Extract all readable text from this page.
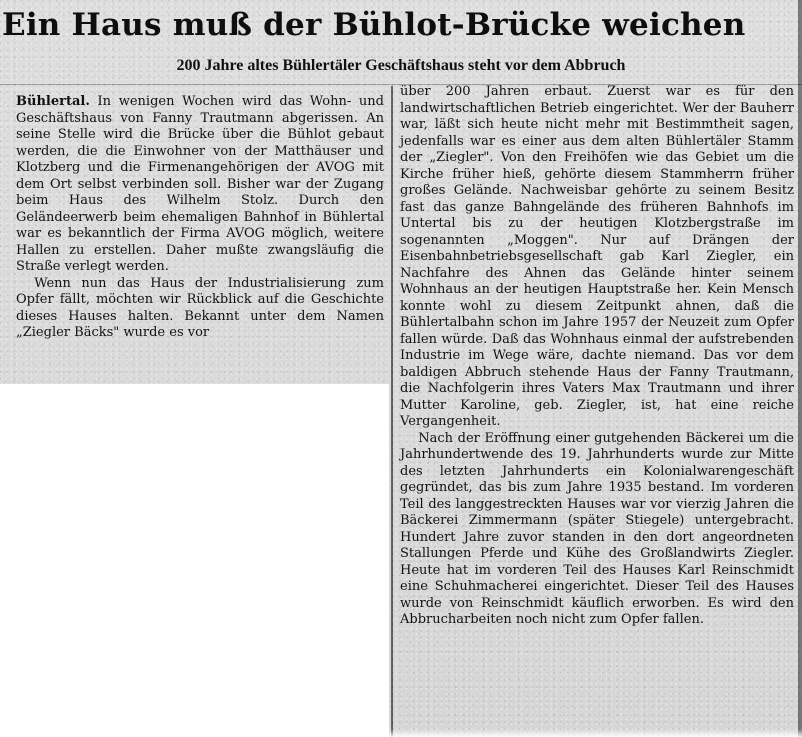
Ein Haus muß der Bühlot-Brücke weichen
200 Jahre altes Bühlertäler Geschäftshaus steht vor dem Abbruch

Bühlertal. In wenigen Wochen wird das Wohn- und Geschäftshaus von Fanny Trautmann abgerissen. An seine Stelle wird die Brücke über die Bühlot gebaut werden, die die Einwohner von der Matthäuser und Klotzberg und die Firmenangehörigen der AVOG mit dem Ort selbst verbinden soll. Bisher war der Zugang beim Haus des Wilhelm Stolz. Durch den Geländeerwerb beim ehemaligen Bahnhof in Bühlertal war es bekanntlich der Firma AVOG möglich, weitere Hallen zu erstellen. Daher mußte zwangsläufig die Straße verlegt werden.

Wenn nun das Haus der Industrialisierung zum Opfer fällt, möchten wir Rückblick auf die Geschichte dieses Hauses halten. Bekannt unter dem Namen „Ziegler Bäcks" wurde es vor

über 200 Jahren erbaut. Zuerst war es für den landwirtschaftlichen Betrieb eingerichtet. Wer der Bauherr war, läßt sich heute nicht mehr mit Bestimmtheit sagen, jedenfalls war es einer aus dem alten Bühlertäler Stamm der „Ziegler". Von den Freihöfen wie das Gebiet um die Kirche früher hieß, gehörte diesem Stammherrn früher großes Gelände. Nachweisbar gehörte zu seinem Besitz fast das ganze Bahngelände des früheren Bahnhofs im Untertal bis zu der heutigen Klotzbergstraße im sogenannten „Moggen". Nur auf Drängen der Eisenbahnbetriebsgesellschaft gab Karl Ziegler, ein Nachfahre des Ahnen das Gelände hinter seinem Wohnhaus an der heutigen Hauptstraße her. Kein Mensch konnte wohl zu diesem Zeitpunkt ahnen, daß die Bühlertalbahn schon im Jahre 1957 der Neuzeit zum Opfer fallen würde. Daß das Wohnhaus einmal der aufstrebenden Industrie im Wege wäre, dachte niemand. Das vor dem baldigen Abbruch stehende Haus der Fanny Trautmann, die Nachfolgerin ihres Vaters Max Trautmann und ihrer Mutter Karoline, geb. Ziegler, ist, hat eine reiche Vergangenheit.

Nach der Eröffnung einer gutgehenden Bäckerei um die Jahrhundertwende des 19. Jahrhunderts wurde zur Mitte des letzten Jahrhunderts ein Kolonialwarengeschäft gegründet, das bis zum Jahre 1935 bestand. Im vorderen Teil des langgestreckten Hauses war vor vierzig Jahren die Bäckerei Zimmermann (später Stiegele) untergebracht. Hundert Jahre zuvor standen in den dort angeordneten Stallungen Pferde und Kühe des Großlandwirts Ziegler. Heute hat im vorderen Teil des Hauses Karl Reinschmidt eine Schuhmacherei eingerichtet. Dieser Teil des Hauses wurde von Reinschmidt käuflich erworben. Es wird den Abbrucharbeiten noch nicht zum Opfer fallen.
